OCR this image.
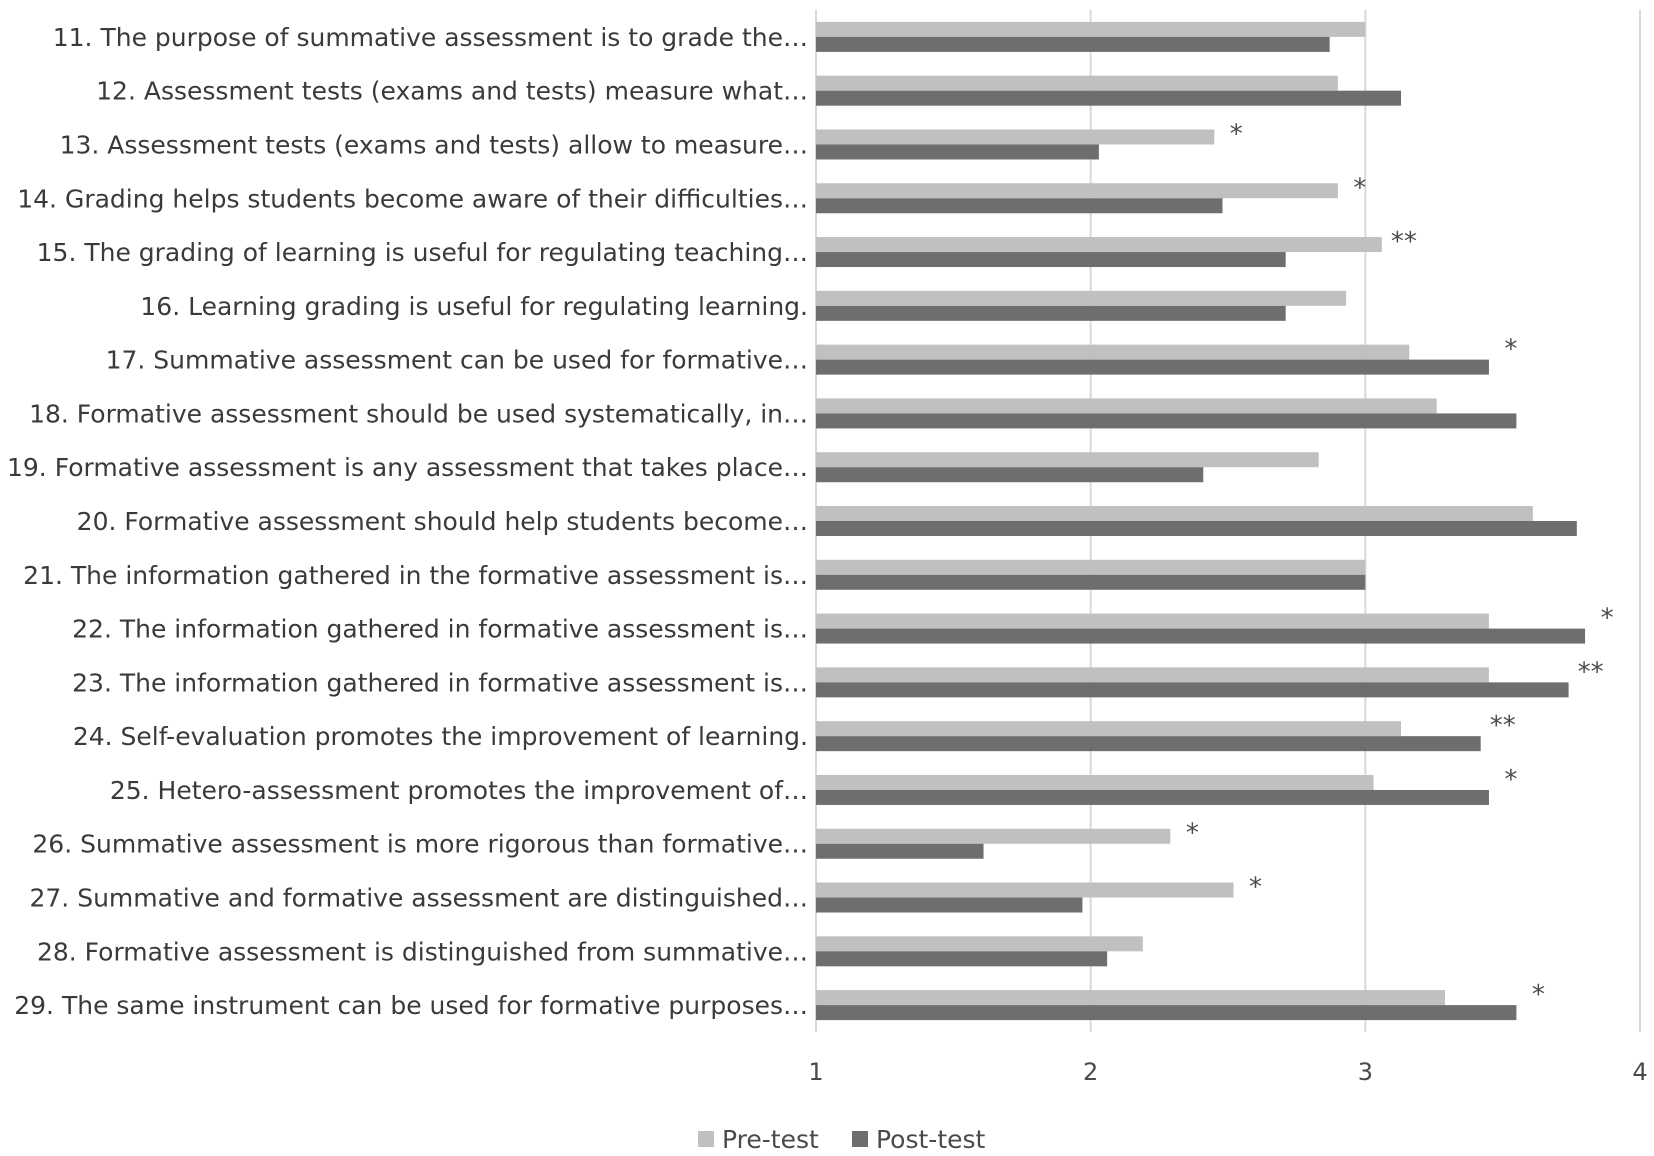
11. The purpose of summative assessment is to grade the…
12. Assessment tests (exams and tests) measure what…
13. Assessment tests (exams and tests) allow to measure…
14. Grading helps students become aware of their difficulties…
15. The grading of learning is useful for regulating teaching…
16. Learning grading is useful for regulating learning.
17. Summative assessment can be used for formative…
18. Formative assessment should be used systematically, in…
19. Formative assessment is any assessment that takes place…
20. Formative assessment should help students become…
21. The information gathered in the formative assessment is…
22. The information gathered in formative assessment is…
23. The information gathered in formative assessment is…
24. Self-evaluation promotes the improvement of learning.
25. Hetero-assessment promotes the improvement of…
26. Summative assessment is more rigorous than formative…
27. Summative and formative assessment are distinguished…
28. Formative assessment is distinguished from summative…
29. The same instrument can be used for formative purposes…
*
*
**
*
*
**
**
*
*
*
*
1	2	3	4
Pre-test Post-test
